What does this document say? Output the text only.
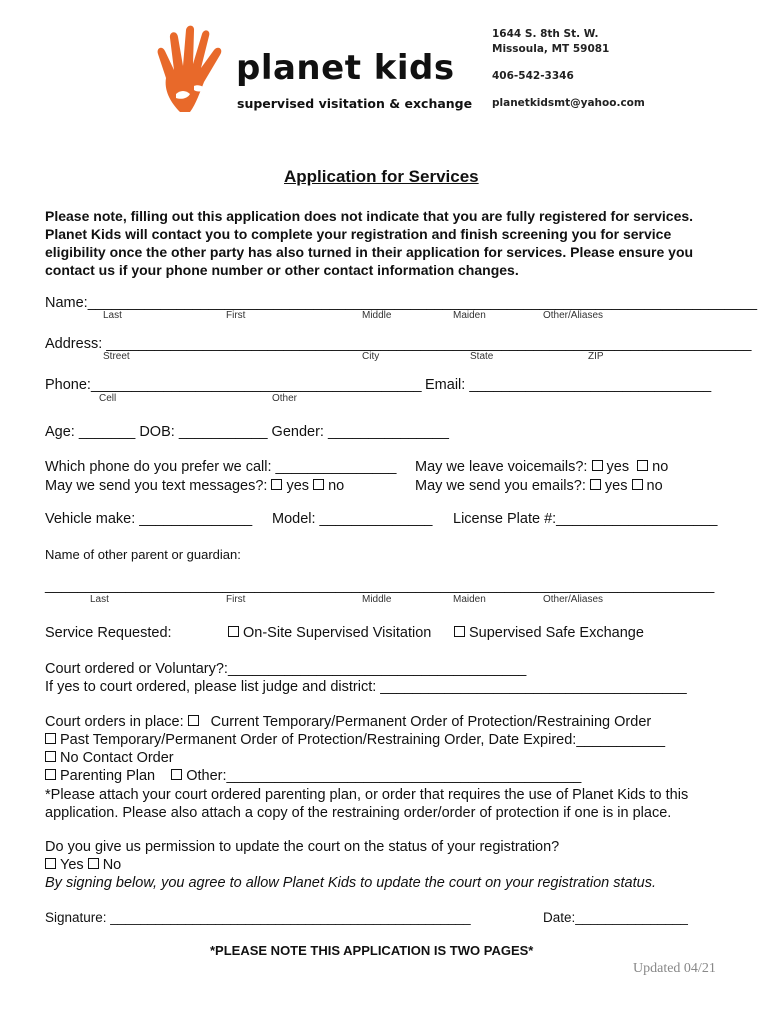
planet kids
supervised visitation & exchange
1644 S. 8th St. W.
Missoula, MT 59081
406-542-3346
planetkidsmt@yahoo.com
Application for Services
Please note, filling out this application does not indicate that you are fully registered for services. Planet Kids will contact you to complete your registration and finish screening you for service eligibility once the other party has also turned in their application for services. Please ensure you contact us if your phone number or other contact information changes.
Name:___________________________________________________________________________________
Last	First	Middle	Maiden	Other/Aliases
Address: ________________________________________________________________________________
Street	City	State	ZIP
Phone:_________________________________________ Email: ______________________________
Cell	Other
Age: _______ DOB: ___________ Gender: _______________
Which phone do you prefer we call: _______________ May we leave voicemails?: yes no
May we send you text messages?: yes no	May we send you emails?: yes no
Vehicle make: ______________ Model: ______________ License Plate #:____________________
Name of other parent or guardian:
___________________________________________________________________________________
Last	First	Middle	Maiden	Other/Aliases
Service Requested:	On-Site Supervised Visitation	Supervised Safe Exchange
Court ordered or Voluntary?:_____________________________________
If yes to court ordered, please list judge and district: ______________________________________
Court orders in place: Current Temporary/Permanent Order of Protection/Restraining Order
Past Temporary/Permanent Order of Protection/Restraining Order, Date Expired:___________
No Contact Order
Parenting Plan Other:____________________________________________
*Please attach your court ordered parenting plan, or order that requires the use of Planet Kids to this application. Please also attach a copy of the restraining order/order of protection if one is in place.
Do you give us permission to update the court on the status of your registration?
Yes No
By signing below, you agree to allow Planet Kids to update the court on your registration status.
Signature: ________________________________________________	Date:_______________
*PLEASE NOTE THIS APPLICATION IS TWO PAGES*
Updated 04/21
